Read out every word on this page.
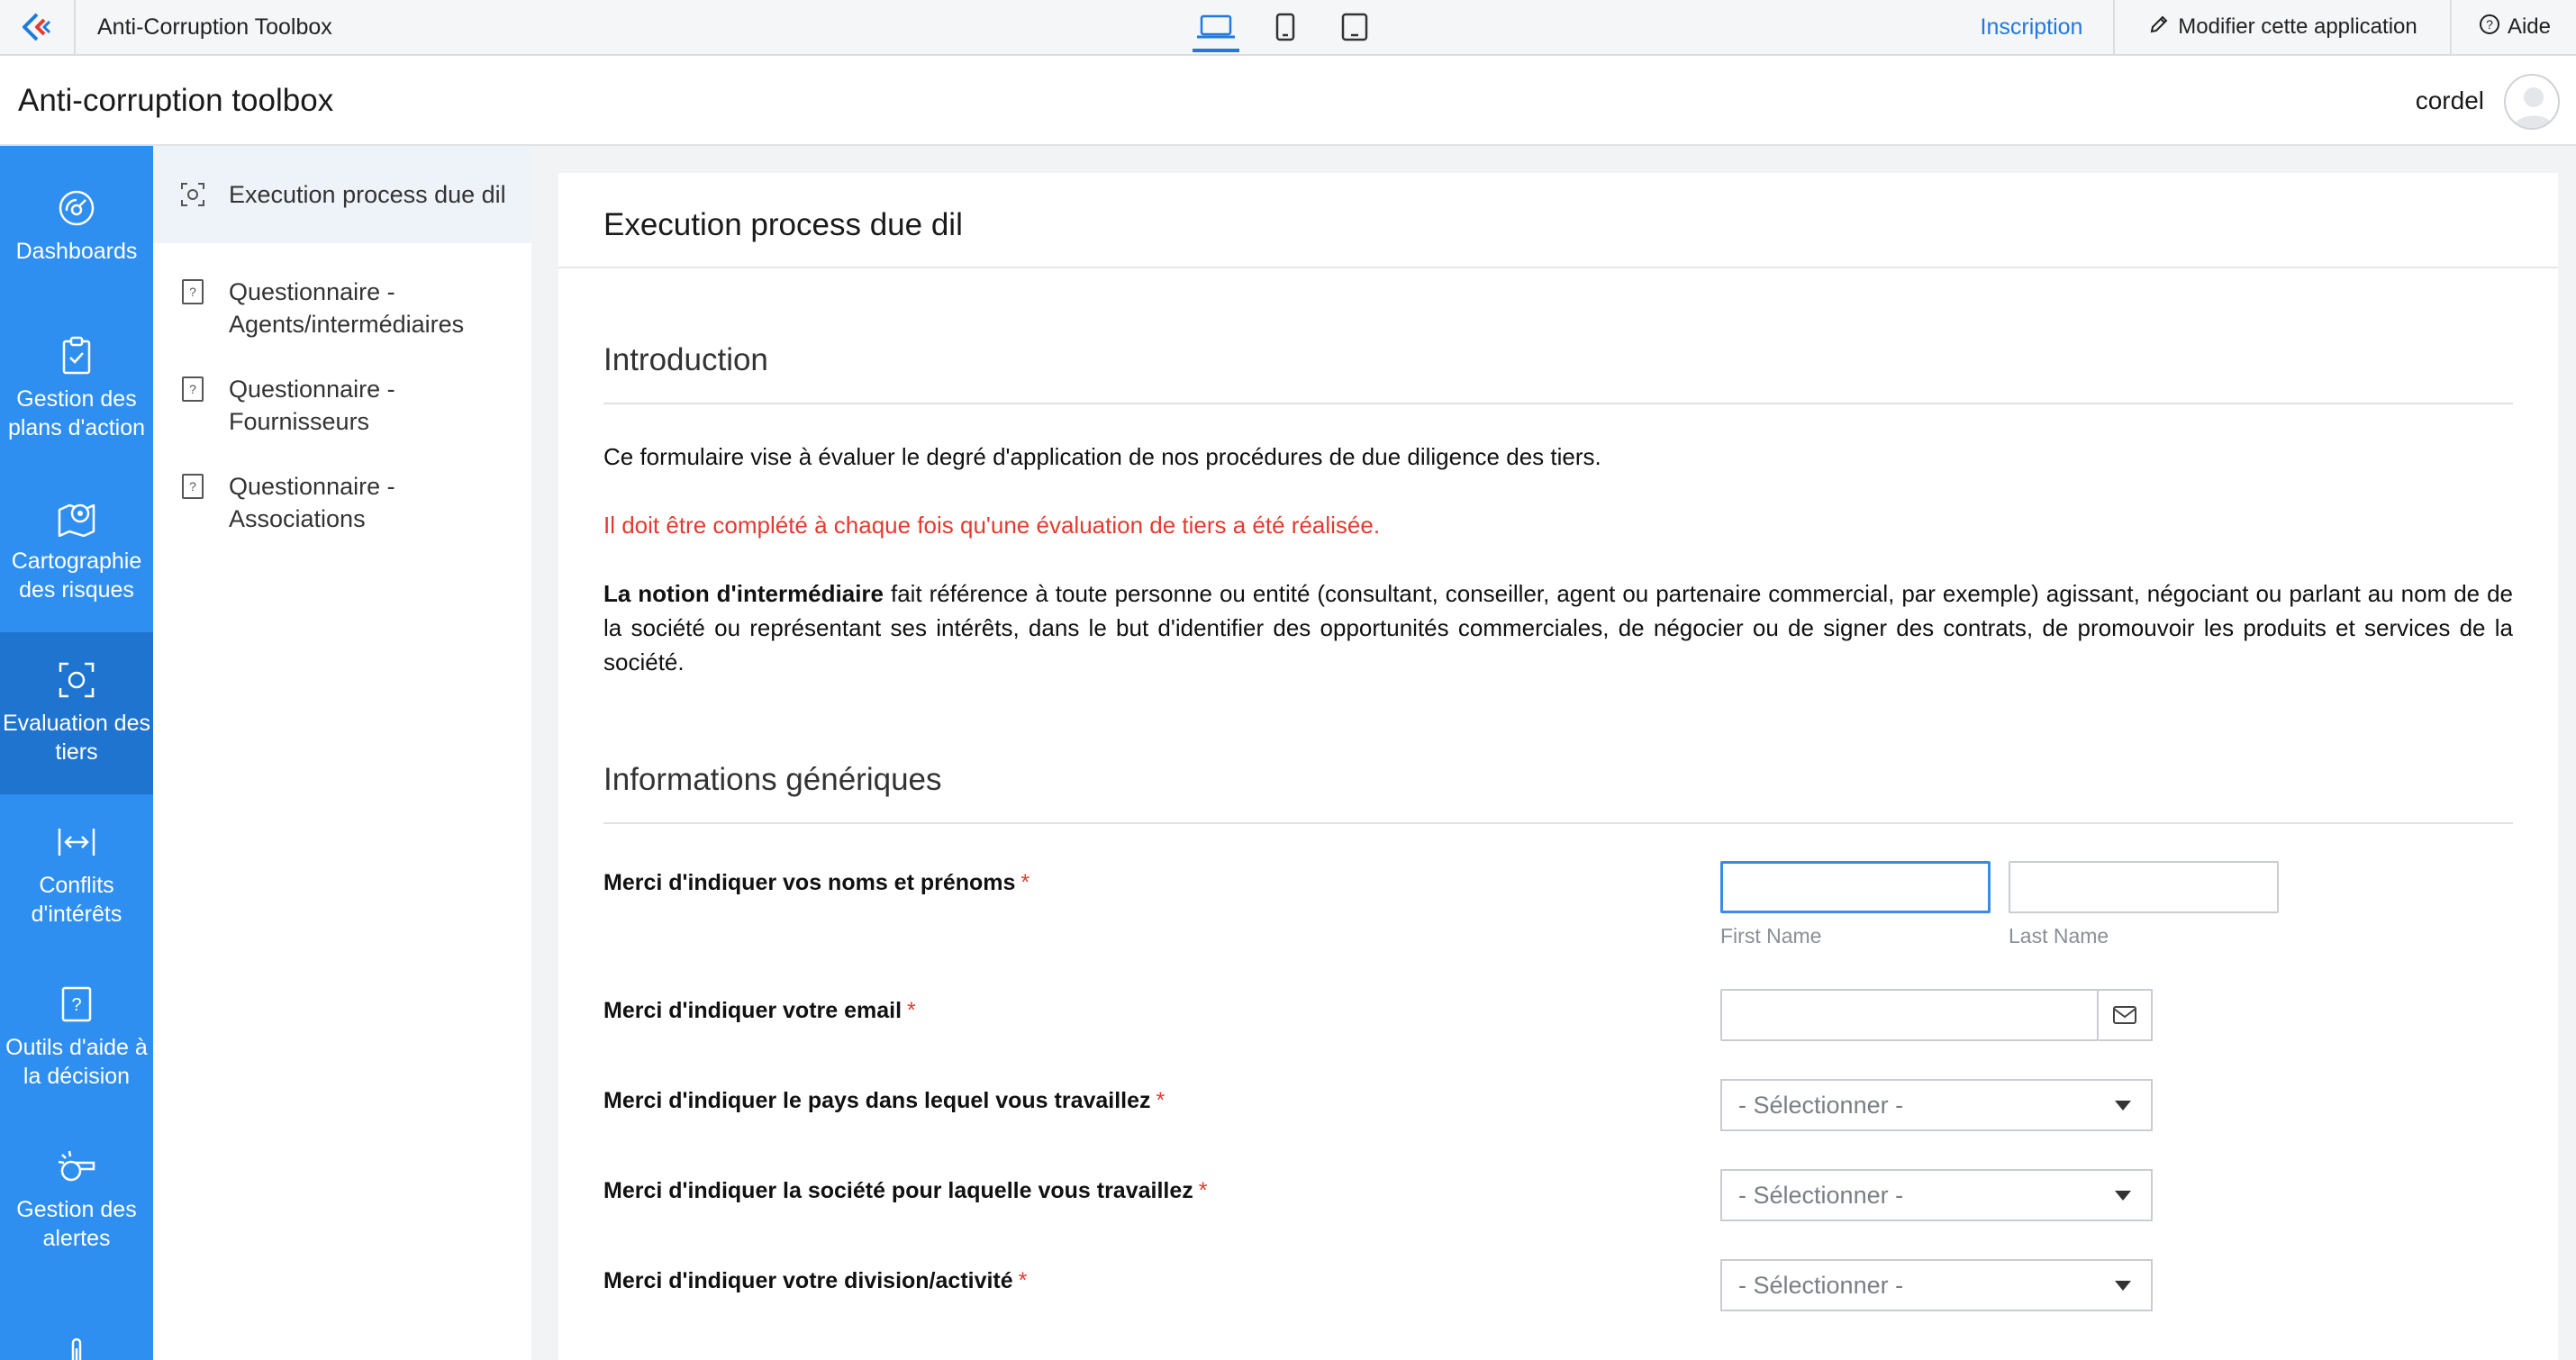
Anti-Corruption Toolbox	Inscription	Modifier cette application	? Aide
Anti-corruption toolbox	cordel
Dashboards
Gestion des plans d'action
Cartographie des risques
Evaluation des tiers
Conflits d'intérêts
?
Outils d'aide à la décision
Gestion des alertes
Execution process due dil
? Questionnaire - Agents/intermédiaires
? Questionnaire - Fournisseurs
? Questionnaire - Associations
Execution process due dil
Introduction
Ce formulaire vise à évaluer le degré d'application de nos procédures de due diligence des tiers.
Il doit être complété à chaque fois qu'une évaluation de tiers a été réalisée.
La notion d'intermédiaire fait référence à toute personne ou entité (consultant, conseiller, agent ou partenaire commercial, par exemple) agissant, négociant ou parlant au nom de de la société ou représentant ses intérêts, dans le but d'identifier des opportunités commerciales, de négocier ou de signer des contrats, de promouvoir les produits et services de la société.
Informations génériques
Merci d'indiquer vos noms et prénoms *
First Name	Last Name
Merci d'indiquer votre email *
Merci d'indiquer le pays dans lequel vous travaillez *	- Sélectionner -
Merci d'indiquer la société pour laquelle vous travaillez *	- Sélectionner -
Merci d'indiquer votre division/activité *	- Sélectionner -
